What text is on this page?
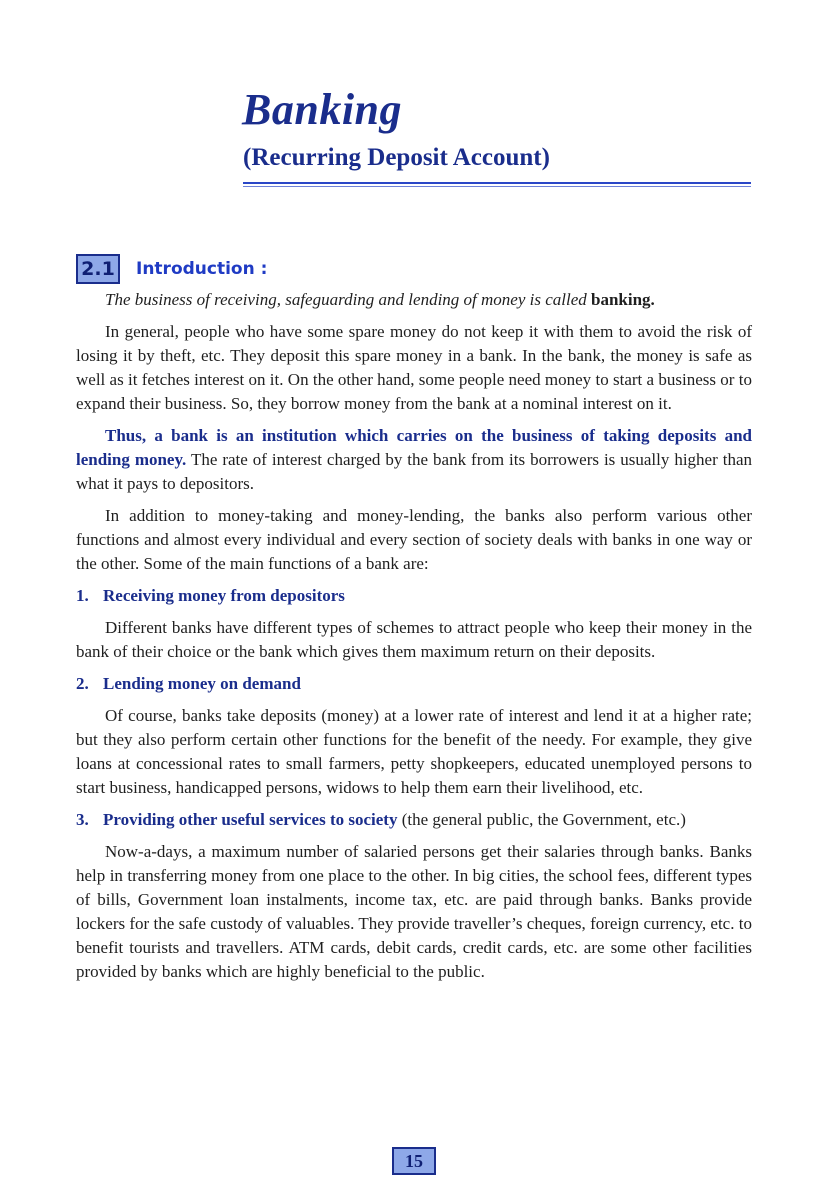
Banking
(Recurring Deposit Account)
2.1	Introduction :

The business of receiving, safeguarding and lending of money is called banking.

In general, people who have some spare money do not keep it with them to avoid the risk of losing it by theft, etc. They deposit this spare money in a bank. In the bank, the money is safe as well as it fetches interest on it. On the other hand, some people need money to start a business or to expand their business. So, they borrow money from the bank at a nominal interest on it.

Thus, a bank is an institution which carries on the business of taking deposits and lending money. The rate of interest charged by the bank from its borrowers is usually higher than what it pays to depositors.

In addition to money-taking and money-lending, the banks also perform various other functions and almost every individual and every section of society deals with banks in one way or the other. Some of the main functions of a bank are:

1. Receiving money from depositors

Different banks have different types of schemes to attract people who keep their money in the bank of their choice or the bank which gives them maximum return on their deposits.

2. Lending money on demand

Of course, banks take deposits (money) at a lower rate of interest and lend it at a higher rate; but they also perform certain other functions for the benefit of the needy. For example, they give loans at concessional rates to small farmers, petty shopkeepers, educated unemployed persons to start business, handicapped persons, widows to help them earn their livelihood, etc.

3. Providing other useful services to society (the general public, the Government, etc.)

Now-a-days, a maximum number of salaried persons get their salaries through banks. Banks help in transferring money from one place to the other. In big cities, the school fees, different types of bills, Government loan instalments, income tax, etc. are paid through banks. Banks provide lockers for the safe custody of valuables. They provide traveller’s cheques, foreign currency, etc. to benefit tourists and travellers. ATM cards, debit cards, credit cards, etc. are some other facilities provided by banks which are highly beneficial to the public.

15
